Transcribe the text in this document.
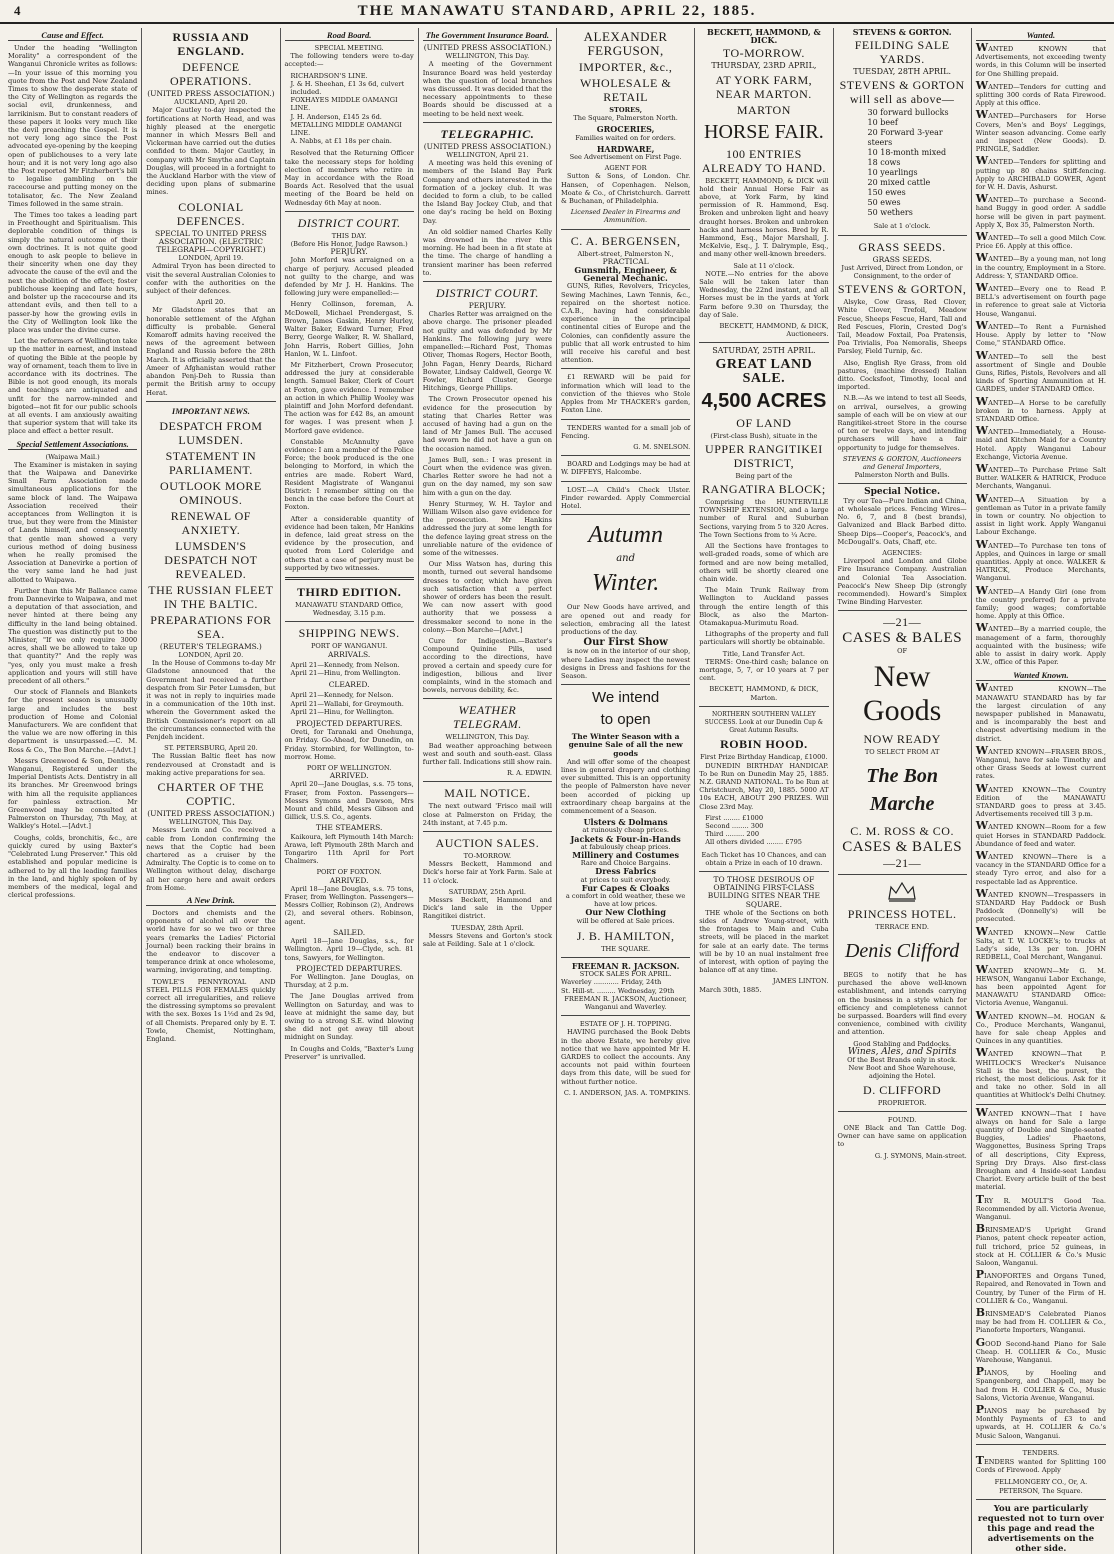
4	THE MANAWATU STANDARD, APRIL 22, 1885.
Cause and Effect.

Under the heading "Wellington Morality" a correspondent of the Wanganui Chronicle writes as follows:—In your issue of this morning you quote from the Post and New Zealand Times to show the desperate state of the City of Wellington as regards the social evil, drunkenness, and larrikinism. But to constant readers of these papers it looks very much like the devil preaching the Gospel. It is not very long ago since the Post advocated eye-opening by the keeping open of publichouses to a very late hour; and it is not very long ago also the Post reported Mr Fitzherbert's bill to legalise gambling on the racecourse and putting money on the totalisator, &c. The New Zealand Times followed in the same strain.

The Times too takes a leading part in Freethought and Spiritualism. This deplorable condition of things is simply the natural outcome of their own doctrines. It is not quite good enough to ask people to believe in their sincerity when one day they advocate the cause of the evil and the next the abolition of the effect; foster publichouse keeping and late hours, and bolster up the racecourse and its attendant evils, and then tell to a passer-by how the growing evils in the City of Wellington look like the place was under the divine curse.

Let the reformers of Wellington take up the matter in earnest, and instead of quoting the Bible at the people by way of ornament, teach them to live in accordance with its doctrines. The Bible is not good enough, its morals and teachings are antiquated and unfit for the narrow-minded and bigoted—not fit for our public schools at all events. I am anxiously awaiting that superior system that will take its place and effect a better result.

Special Settlement Associations.
(Waipawa Mail.)

The Examiner is mistaken in saying that the Waipawa and Danevirke Small Farm Association made simultaneous applications for the same block of land. The Waipawa Association received their acceptances from Wellington it is true, but they were from the Minister of Lands himself, and consequently that gentle man showed a very curious method of doing business when he really promised the Association at Danevirke a portion of the very same land he had just allotted to Waipawa.

Further than this Mr Ballance came from Dannevirke to Waipawa, and met a deputation of that association, and never hinted at there being any difficulty in the land being obtained. The question was distinctly put to the Minister, "If we only require 3000 acres, shall we be allowed to take up that quantity?" And the reply was "yes, only you must make a fresh application and yours will still have precedent of all others."

Our stock of Flannels and Blankets for the present season is unusually large and includes the best production of Home and Colonial Manufacturers. We are confident that the value we are now offering in this department is unsurpassed.—C. M. Ross & Co., The Bon Marche.—[Advt.]

Messrs Greenwood & Son, Dentists, Wanganui, Registered under the Imperial Dentists Acts. Dentistry in all its branches. Mr Greenwood brings with him all the requisite appliances for painless extraction. Mr Greenwood may be consulted at Palmerston on Thursday, 7th May, at Walkley's Hotel.—[Advt.]

Coughs, colds, bronchitis, &c., are quickly cured by using Baxter's "Celebrated Lung Preserver." This old established and popular medicine is adhered to by all the leading families in the land, and highly spoken of by members of the medical, legal and clerical professions.

RUSSIA AND ENGLAND.
DEFENCE OPERATIONS.
(UNITED PRESS ASSOCIATION.)
AUCKLAND, April 20.

Major Cautley to-day inspected the fortifications at North Head, and was highly pleased at the energetic manner in which Messrs Bell and Vickerman have carried out the duties confided to them. Major Cautley, in company with Mr Smythe and Captain Douglas, will proceed in a fortnight to the Auckland Harbor with the view of deciding upon plans of submarine mines.

COLONIAL DEFENCES.
SPECIAL TO UNITED PRESS ASSOCIATION. (ELECTRIC TELEGRAPH—COPYRIGHT.)
LONDON, April 19.

Admiral Tryon has been directed to visit the several Australian Colonies to confer with the authorities on the subject of their defences.

April 20.

Mr Gladstone states that an honorable settlement of the Afghan difficulty is probable. General Komaroff admits having received the news of the agreement between England and Russia before the 28th March. It is officially asserted that the Ameer of Afghanistan would rather abandon Penj-Deh to Russia than permit the British army to occupy Herat.

IMPORTANT NEWS.
DESPATCH FROM LUMSDEN.
STATEMENT IN PARLIAMENT.
OUTLOOK MORE OMINOUS.
RENEWAL OF ANXIETY.
LUMSDEN'S DESPATCH NOT REVEALED.
THE RUSSIAN FLEET IN THE BALTIC.
PREPARATIONS FOR SEA.
(REUTER'S TELEGRAMS.)
LONDON, April 20.

In the House of Commons to-day Mr Gladstone announced that the Government had received a further despatch from Sir Peter Lumsden, but it was not in reply to inquiries made in a communication of the 10th inst. wherein the Government asked the British Commissioner's report on all the circumstances connected with the Penjdeh incident.

ST. PETERSBURG, April 20.

The Russian Baltic fleet has now rendezvoused at Cronstadt and is making active preparations for sea.

CHARTER OF THE COPTIC.
(UNITED PRESS ASSOCIATION.)
WELLINGTON, This Day.

Messrs Levin and Co. received a cable from London confirming the news that the Coptic had been chartered as a cruiser by the Admiralty. The Coptic is to come on to Wellington without delay, discharge all her cargo here and await orders from Home.

A New Drink.

Doctors and chemists and the opponents of alcohol all over the world have for so we two or three years (remarks the Ladies' Pictorial Journal) been racking their brains in the endeavor to discover a temperance drink at once wholesome, warming, invigorating, and tempting.

TOWLE'S PENNYROYAL AND STEEL PILLS FOR FEMALES quickly correct all irregularities, and relieve the distressing symptoms so prevalent with the sex. Boxes 1s 1½d and 2s 9d, of all Chemists. Prepared only by E. T. Towle, Chemist, Nottingham, England.

Road Board.
SPECIAL MEETING.

The following tenders were to-day accepted:—

RICHARDSON'S LINE.
J. & H. Sheehan, £1 3s 6d, culvert included.
FOXHAYES MIDDLE OAMANGI LINE.
J. H. Anderson, £145 2s 6d.
METALLING MIDDLE OAMANGI LINE.
A. Nabbs, at £1 18s per chain.

Resolved that the Returning Officer take the necessary steps for holding election of members who retire in May in accordance with the Road Boards Act. Resolved that the usual meeting of the Board be held on Wednesday 6th May at noon.

DISTRICT COURT.
THIS DAY.
(Before His Honor, Judge Rawson.)
PERJURY.

John Morford was arraigned on a charge of perjury. Accused pleaded not guilty to the charge, and was defended by Mr J. H. Hankins. The following jury were empanelled:—

Henry Collinson, foreman, A. McDowell, Michael Prendergast, S. Brown, James Gaskin, Henry Hurley, Walter Baker, Edward Turner, Fred Berry, George Walker, R. W. Shallard, John Harris, Robert Gillies, John Hanlon, W. L. Linfoot.

Mr Fitzherbert, Crown Prosecutor, addressed the jury at considerable length. Samuel Baker, Clerk of Court at Foxton, gave evidence. I remember an action in which Phillip Wooley was plaintiff and John Morford defendant. The action was for £42 8s, an amount for wages. I was present when J. Morford gave evidence.

Constable McAnnulty gave evidence: I am a member of the Police Force; the book produced is the one belonging to Morford, in which the entries are made. Robert Ward, Resident Magistrate of Wanganui District: I remember sitting on the bench in the case before the Court at Foxton.

After a considerable quantity of evidence had been taken, Mr Hankins in defence, laid great stress on the evidence by the prosecution, and quoted from Lord Coleridge and others that a case of perjury must be supported by two witnesses.

THIRD EDITION.
MANAWATU STANDARD Office, Wednesday, 3.15 p.m.
SHIPPING NEWS.
PORT OF WANGANUI.
ARRIVALS.
April 21—Kennedy, from Nelson.
April 21—Hinu, from Wellington.
CLEARED.
April 21—Kennedy, for Nelson.
April 21—Wallabi, for Greymouth.
April 21—Hinu, for Wellington.
PROJECTED DEPARTURES.

Oreti, for Taranaki and Onehunga, on Friday. Go-Ahead, for Dunedin, on Friday. Stormbird, for Wellington, to-morrow. Home.

PORT OF WELLINGTON.
ARRIVED.

April 20—Jane Douglas, s.s. 75 tons, Fraser, from Foxton. Passengers—Messrs Symons and Dawson, Mrs Mount and child, Messrs Gibson and Gillick, U.S.S. Co., agents.

THE STEAMERS.

Kaikoura, left Plymouth 14th March: Arawa, left Plymouth 28th March and Tongariro 11th April for Port Chalmers.

PORT OF FOXTON.
ARRIVED.

April 18—Jane Douglas, s.s. 75 tons, Fraser, from Wellington. Passengers—Messrs Collier, Robinson (2), Andrews (2), and several others. Robinson, agent.

SAILED.

April 18—Jane Douglas, s.s., for Wellington. April 19—Clyde, sch. 81 tons, Sawyers, for Wellington.

PROJECTED DEPARTURES.

For Wellington. Jane Douglas, on Thursday, at 2 p.m.

The Jane Douglas arrived from Wellington on Saturday, and was to leave at midnight the same day, but owing to a strong S.E. wind blowing she did not get away till about midnight on Sunday.

In Coughs and Colds, "Baxter's Lung Preserver" is unrivalled.

The Government Insurance Board.
(UNITED PRESS ASSOCIATION.)
WELLINGTON, This Day.

A meeting of the Government Insurance Board was held yesterday when the question of local branches was discussed. It was decided that the necessary appointments to these Boards should be discussed at a meeting to be held next week.

TELEGRAPHIC.
(UNITED PRESS ASSOCIATION.)
WELLINGTON, April 21.

A meeting was held this evening of members of the Island Bay Park Company and others interested in the formation of a jockey club. It was decided to form a club, to be called the Island Bay Jockey Club, and that one day's racing be held on Boxing Day.

An old soldier named Charles Kelly was drowned in the river this morning. He had been in a fit state at the time. The charge of handling a transient mariner has been referred to.

DISTRICT COURT.
PERJURY.

Charles Retter was arraigned on the above charge. The prisoner pleaded not guilty and was defended by Mr Hankins. The following jury were empanelled:—Richard Post, Thomas Oliver, Thomas Rogers, Hector Booth, John Fagan, Henry Deards, Richard Bowater, Lindsay Caldwell, George W. Fowler, Richard Cluster, George Hitchings, George Phillips.

The Crown Prosecutor opened his evidence for the prosecution by stating that Charles Retter was accused of having had a gun on the land of Mr James Bull. The accused had sworn he did not have a gun on the occasion named.

James Bull, sen.: I was present in Court when the evidence was given. Charles Retter swore he had not a gun on the day named, my son saw him with a gun on the day.

Henry Sturmey, W. H. Taylor and William Wilson also gave evidence for the prosecution. Mr Hankins addressed the jury at some length for the defence laying great stress on the unreliable nature of the evidence of some of the witnesses.

Our Miss Watson has, during this month, turned out several handsome dresses to order, which have given such satisfaction that a perfect shower of orders has been the result. We can now assert with good authority that we possess a dressmaker second to none in the colony.—Bon Marche—[Advt.]

Cure for Indigestion.—Baxter's Compound Quinine Pills, used according to the directions, have proved a certain and speedy cure for indigestion, bilious and liver complaints, wind in the stomach and bowels, nervous debility, &c.

WEATHER TELEGRAM.
WELLINGTON, This Day.

Bad weather approaching between west and south and south-east. Glass further fall. Indications still show rain.

R. A. EDWIN.
MAIL NOTICE.

The next outward 'Frisco mail will close at Palmerston on Friday, the 24th instant, at 7.45 p.m.

AUCTION SALES.
TO-MORROW.

Messrs Beckett, Hammond and Dick's horse fair at York Farm. Sale at 11 o'clock.

SATURDAY, 25th April.

Messrs Beckett, Hammond and Dick's land sale in the Upper Rangitikei district.

TUESDAY, 28th April.

Messrs Stevens and Gorton's stock sale at Feilding. Sale at 1 o'clock.

ALEXANDER FERGUSON,
IMPORTER, &c.,
WHOLESALE & RETAIL
STORES,
The Square, Palmerston North.
GROCERIES,
Families waited on for orders.
HARDWARE,
See Advertisement on First Page.
AGENT FOR

Sutton & Sons, of London. Chr. Hansen, of Copenhagen. Nelson, Moate & Co., of Christchurch. Garrett & Buchanan, of Philadelphia.

Licensed Dealer in Firearms and Ammunition.
C. A. BERGENSEN,
Albert-street, Palmerston N.,
PRACTICAL
Gunsmith, Engineer, & General Mechanic.

GUNS, Rifles, Revolvers, Tricycles, Sewing Machines, Lawn Tennis, &c., repaired on the shortest notice. C.A.B., having had considerable experience in the principal continental cities of Europe and the Colonies, can confidently assure the public that all work entrusted to him will receive his careful and best attention.

£1 REWARD will be paid for information which will lead to the conviction of the thieves who Stole Apples from Mr THACKER's garden, Foxton Line.

TENDERS wanted for a small job of Fencing.

G. M. SNELSON.

BOARD and Lodgings may be had at W. DIFFEYS, Halcombe.

LOST.—A Child's Check Ulster. Finder rewarded. Apply Commercial Hotel.

Autumn
and
Winter.

Our New Goods have arrived, and are opened out and ready for selection, embracing all the latest productions of the day.

Our First Show

is now on in the interior of our shop, where Ladies may inspect the newest designs in Dress and fashions for the Season.

We intend
to open
The Winter Season with a genuine Sale of all the new goods

And will offer some of the cheapest lines in general drapery and clothing ever submitted. This is an opportunity the people of Palmerston have never been accorded of picking up extraordinary cheap bargains at the commencement of a Season.

Ulsters & Dolmans
at ruinously cheap prices.
Jackets & Four-in-Hands
at fabulously cheap prices.
Millinery and Costumes
Rare and Choice Bargains.
Dress Fabrics
at prices to suit everybody.
Fur Capes & Cloaks
a comfort in cold weather, these we have at low prices.
Our New Clothing
will be offered at Sale prices.
J. B. HAMILTON,
THE SQUARE.
FREEMAN R. JACKSON.
STOCK SALES FOR APRIL.
Waverley ............ Friday, 24th
St. Hill-st. ......... Wednesday, 29th
FREEMAN R. JACKSON, Auctioneer, Wanganui and Waverley.
ESTATE OF J. H. TOPPING.

HAVING purchased the Book Debts in the above Estate, we hereby give notice that we have appointed Mr H. GARDES to collect the accounts. Any accounts not paid within fourteen days from this date, will be sued for without further notice.

C. I. ANDERSON, JAS. A. TOMPKINS.
BECKETT, HAMMOND, & DICK.
TO-MORROW.
THURSDAY, 23RD APRIL,
AT YORK FARM, NEAR MARTON.
MARTON
HORSE FAIR.
100 ENTRIES ALREADY TO HAND.

BECKETT, HAMMOND, & DICK will hold their Annual Horse Fair as above, at York Farm, by kind permission of R. Hammond, Esq. Broken and unbroken light and heavy draught horses. Broken and unbroken hacks and harness horses. Bred by R. Hammond, Esq., Major Marshall, J. McKelvie, Esq., J. T. Dalrymple, Esq., and many other well-known breeders.

Sale at 11 o'clock.

NOTE.—No entries for the above Sale will be taken later than Wednesday, the 22nd instant, and all Horses must be in the yards at York Farm before 9.30 on Thursday, the day of Sale.

BECKETT, HAMMOND, & DICK, Auctioneers.
SATURDAY, 25TH APRIL.
GREAT LAND SALE.
4,500 ACRES
OF LAND
(First-class Bush), situate in the
UPPER RANGITIKEI DISTRICT,
Being part of the
RANGATIRA BLOCK;

Comprising the HUNTERVILLE TOWNSHIP EXTENSION, and a large number of Rural and Suburban Sections, varying from 5 to 320 Acres. The Town Sections from to ¼ Acre.

All the Sections have frontages to well-graded roads, some of which are formed and are now being metalled, others will be shortly cleared one chain wide.

The Main Trunk Railway from Wellington to Auckland passes through the entire length of this Block, as also the Marton-Otamakapua-Murimutu Road.

Lithographs of the property and full particulars will shortly be obtainable.

Title, Land Transfer Act.

TERMS: One-third cash; balance on mortgage, 5, 7, or 10 years at 7 per cent.

BECKETT, HAMMOND, & DICK, Marton.
NORTHERN SOUTHERN VALLEY SUCCESS. Look at our Dunedin Cup & Great Autumn Results.
ROBIN HOOD.
First Prize Birthday Handicap, £1000.

DUNEDIN BIRTHDAY HANDICAP. To be Run on Dunedin May 25, 1885. N.Z. GRAND NATIONAL. To be Run at Christchurch, May 20, 1885. 5000 AT 10s EACH, ABOUT 290 PRIZES. Will Close 23rd May.

First ........ £1000
Second ........ 300
Third ......... 200
All others divided ........ £795
Each Ticket has 10 Chances, and can obtain a Prize in each of 10 drawn.
TO THOSE DESIROUS OF OBTAINING FIRST-CLASS BUILDING SITES NEAR THE SQUARE.

THE whole of the Sections on both sides of Andrew Young-street, with the frontages to Main and Cuba streets, will be placed in the market for sale at an early date. The terms will be by 10 an nual instalment free of interest, with option of paying the balance off at any time.

JAMES LINTON.
March 30th, 1885.
STEVENS & GORTON.
FEILDING SALE YARDS.
TUESDAY, 28TH APRIL.
STEVENS & GORTON will sell as above—
30 forward bullocks
10 beef
20 Forward 3-year steers
10 18-month mixed
18 cows
10 yearlings
20 mixed cattle
150 ewes
50 ewes
50 wethers
Sale at 1 o'clock.
GRASS SEEDS.
GRASS SEEDS.
Just Arrived, Direct from London, or Consignment, to the order of
STEVENS & GORTON,

Alsyke, Cow Grass, Red Clover, White Clover, Trefoil, Meadow Fescue, Sheeps Fescue, Hard, Tall and Red Fescues, Florin, Crested Dog's Tail, Meadow Foxtail, Poa Pratensis, Poa Trivialis, Poa Nemoralis, Sheeps Parsley, Field Turnip, &c.

Also, English Rye Grass, from old pastures, (machine dressed) Italian ditto. Cocksfoot, Timothy, local and imported.

N.B.—As we intend to test all Seeds, on arrival, ourselves, a growing sample of each will be on view at our Rangitikei-street Store in the course of ten or twelve days, and intending purchasers will have a fair opportunity to judge for themselves.

STEVENS & GORTON, Auctioneers and General Importers,
Palmerston North and Bulls.
Special Notice.

Try our Tea—Pure Indian and China, at wholesale prices. Fencing Wires—No. 6, 7, and 8 (best brands), Galvanized and Black Barbed ditto. Sheep Dips—Cooper's, Peacock's, and McDougall's. Oats, Chaff, etc.

AGENCIES:

Liverpool and London and Globe Fire Insurance Company. Australian and Colonial Tea Association. Peacock's New Sheep Dip (strongly recommended). Howard's Simplex Twine Binding Harvester.

—21—
CASES & BALES
OF
New Goods
NOW READY
TO SELECT FROM AT
The Bon Marche
C. M. ROSS & CO.
CASES & BALES
—21—
PRINCESS HOTEL.
TERRACE END.
Denis Clifford

BEGS to notify that he has purchased the above well-known establishment, and intends carrying on the business in a style which for efficiency and completeness cannot be surpassed. Boarders will find every convenience, combined with civility and attention.

Good Stabling and Paddocks.
Wines, Ales, and Spirits
Of the Best Brands only in stock.
New Boot and Shoe Warehouse, adjoining the Hotel.
D. CLIFFORD
PROPRIETOR.
FOUND.

ONE Black and Tan Cattle Dog. Owner can have same on application to

G. J. SYMONS, Main-street.
Wanted.

WANTED KNOWN that Advertisements, not exceeding twenty words, in this Column will be inserted for One Shilling prepaid.

WANTED—Tenders for cutting and splitting 300 cords of Rata Firewood. Apply at this office.

WANTED—Purchasers for Horse Covers, Men's and Boys' Leggings, Winter season advancing. Come early and inspect (New Goods). D. PRINGLE, Saddler.

WANTED—Tenders for splitting and putting up 80 chains Stiff-fencing. Apply to ARCHIBALD GOWER, Agent for W. H. Davis, Ashurst.

WANTED—To purchase a Second-hand Buggy in good order. A saddle horse will be given in part payment. Apply X, Box 35, Palmerston North.

WANTED—To sell a good Milch Cow. Price £6. Apply at this office.

WANTED—By a young man, not long in the country, Employment in a Store. Address: Y, STANDARD Office.

WANTED—Every one to Read P. BELL's advertisement on fourth page in reference to great sale at Victoria House, Wanganui.

WANTED—To Rent a Furnished House. Apply by letter to "Now Come," STANDARD Office.

WANTED—To sell the best assortment of Single and Double Guns, Rifles, Pistols, Revolvers and all kinds of Sporting Ammunition at H. GARDES, under STANDARD Office.

WANTED—A Horse to be carefully broken in to harness. Apply at STANDARD Office.

WANTED—Immediately, a House-maid and Kitchen Maid for a Country Hotel. Apply Wanganui Labour Exchange, Victoria Avenue.

WANTED—To Purchase Prime Salt Butter. WALKER & HATRICK, Produce Merchants, Wanganui.

WANTED—A Situation by a gentleman as Tutor in a private family in town or country. No objection to assist in light work. Apply Wanganui Labour Exchange.

WANTED—To Purchase ten tons of Apples, and Quinces in large or small quantities. Apply at once. WALKER & HATRICK, Produce Merchants, Wanganui.

WANTED—A Handy Girl (one from the country preferred) for a private family; good wages; comfortable home. Apply at this Office.

WANTED—By a married couple, the management of a farm, thoroughly acquainted with the business; wife able to assist in dairy work. Apply X.W., office of this Paper.

Wanted Known.

WANTED KNOWN—The MANAWATU STANDARD has by far the largest circulation of any newspaper published in Manawatu, and is incomparably the best and cheapest advertising medium in the district.

WANTED KNOWN—FRASER BROS., Wanganui, have for sale Timothy and other Grass Seeds at lowest current rates.

WANTED KNOWN—The Country Edition of the MANAWATU STANDARD goes to press at 3.45. Advertisements received till 3 p.m.

WANTED KNOWN—Room for a few quiet Horses in STANDARD Paddock. Abundance of feed and water.

WANTED KNOWN—There is a vacancy in the STANDARD Office for a steady Tyro error, and also for a respectable lad as Apprentice.

WANTED KNOWN—Trespassers in STANDARD Hay Paddock or Bush Paddock (Donnelly's) will be prosecuted.

WANTED KNOWN—New Cattle Salts, at T. W. LOCKE's; to trucks at Lady's side, 13s per ton. JOHN REDBELL, Coal Merchant, Wanganui.

WANTED KNOWN—Mr G. M. HEWSON, Wanganui Labor Exchange, has been appointed Agent for MANAWATU STANDARD Office: Victoria Avenue, Wanganui.

WANTED KNOWN—M. HOGAN & Co., Produce Merchants, Wanganui, have for sale cheap Apples and Quinces in any quantities.

WANTED KNOWN—That P. WHITLOCK'S Wrecker's Nuisance Stall is the best, the purest, the richest, the most delicious. Ask for it and take no other. Sold in all quantities at Whitlock's Delhi Chutney.

WANTED KNOWN—That I have always on hand for Sale a large quantity of Double and Single-seated Buggies, Ladies' Phaetons, Waggonettes, Business Spring Traps of all descriptions, City Express, Spring Dry Drays. Also first-class Brougham and 4 Inside-seat Landau Chariot. Every article built of the best material.

TRY R. MOULT'S Good Tea. Recommended by all. Victoria Avenue, Wanganui.

BRINSMEAD'S Upright Grand Pianos, patent check repeater action, full trichord, price 52 guineas, in stock at H. COLLIER & Co.'s Music Saloon, Wanganui.

PIANOFORTES and Organs Tuned, Repaired, and Renovated in Town and Country, by Tuner of the Firm of H. COLLIER & Co., Wanganui.

BRINSMEAD'S Celebrated Pianos may be had from H. COLLIER & Co., Pianoforte Importers, Wanganui.

GOOD Second-hand Piano for Sale Cheap. H. COLLIER & Co., Music Warehouse, Wanganui.

PIANOS, by Hoeling and Spangenberg, and Chappell, may be had from H. COLLIER & Co., Music Salons, Victoria Avenue, Wanganui.

PIANOS may be purchased by Monthly Payments of £3 to and upwards, at H. COLLIER & Co.'s Music Saloon, Wanganui.

TENDERS.

TENDERS wanted for Splitting 100 Cords of Firewood. Apply

FELLMONGERY CO., Or, A. PETERSON, The Square.
You are particularly requested not to turn over this page and read the advertisements on the other side.
